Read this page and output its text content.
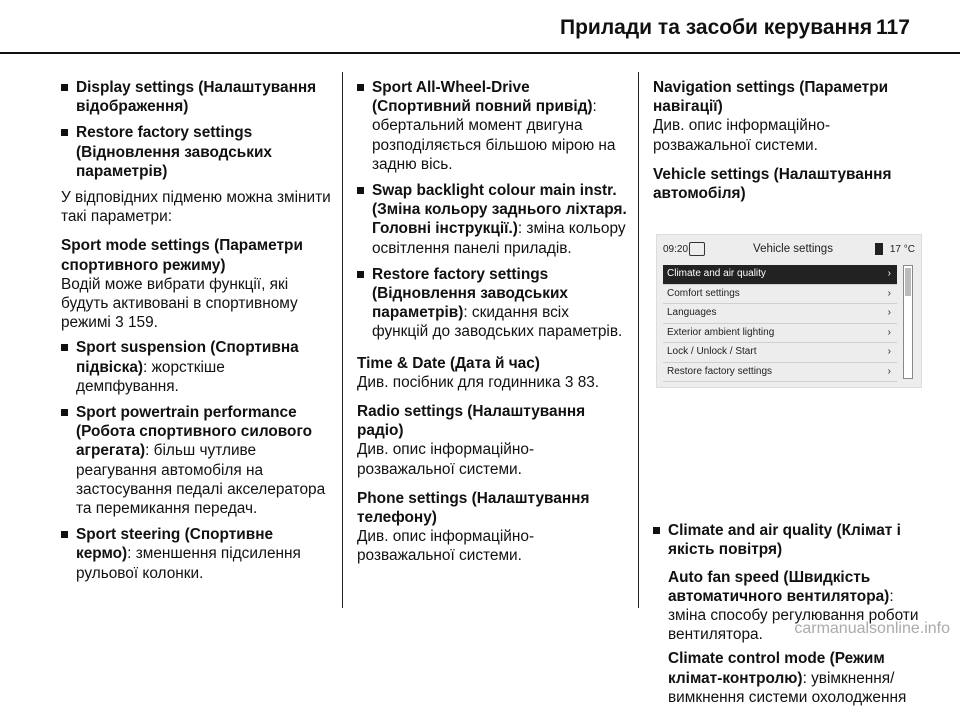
Прилади та засоби керування 117
Display settings (Налаштування відображення)
Restore factory settings (Відновлення заводських параметрів)

У відповідних підменю можна змінити такі параметри:

Sport mode settings (Параметри спортивного режиму)

Водій може вибрати функції, які будуть активовані в спортивному режимі 3 159.

Sport suspension (Спортивна підвіска): жорсткіше демпфування.
Sport powertrain performance (Робота спортивного силового агрегата): більш чутливе реагування автомобіля на застосування педалі акселератора та перемикання передач.
Sport steering (Спортивне кермо): зменшення підсилення рульової колонки.
Sport All-Wheel-Drive (Спортивний повний привід): обертальний момент двигуна розподіляється більшою мірою на задню вісь.
Swap backlight colour main instr. (Зміна кольору заднього ліхтаря. Головні інструкції.): зміна кольору освітлення панелі приладів.
Restore factory settings (Відновлення заводських параметрів): скидання всіх функцій до заводських параметрів.
Time & Date (Дата й час)

Див. посібник для годинника 3 83.

Radio settings (Налаштування радіо)

Див. опис інформаційно-розважальної системи.

Phone settings (Налаштування телефону)

Див. опис інформаційно-розважальної системи.

Navigation settings (Параметри навігації)

Див. опис інформаційно-розважальної системи.

Vehicle settings (Налаштування автомобіля)
Climate and air quality (Клімат і якість повітря)
Auto fan speed (Швидкість автоматичного вентилятора): зміна способу регулювання роботи вентилятора.
Climate control mode (Режим клімат-контролю): увімкнення/вимкнення системи охолодження
09:20	Vehicle settings	17 °C
Climate and air quality	›
Comfort settings	›
Languages	›
Exterior ambient lighting	›
Lock / Unlock / Start	›
Restore factory settings	›
carmanualsonline.info
